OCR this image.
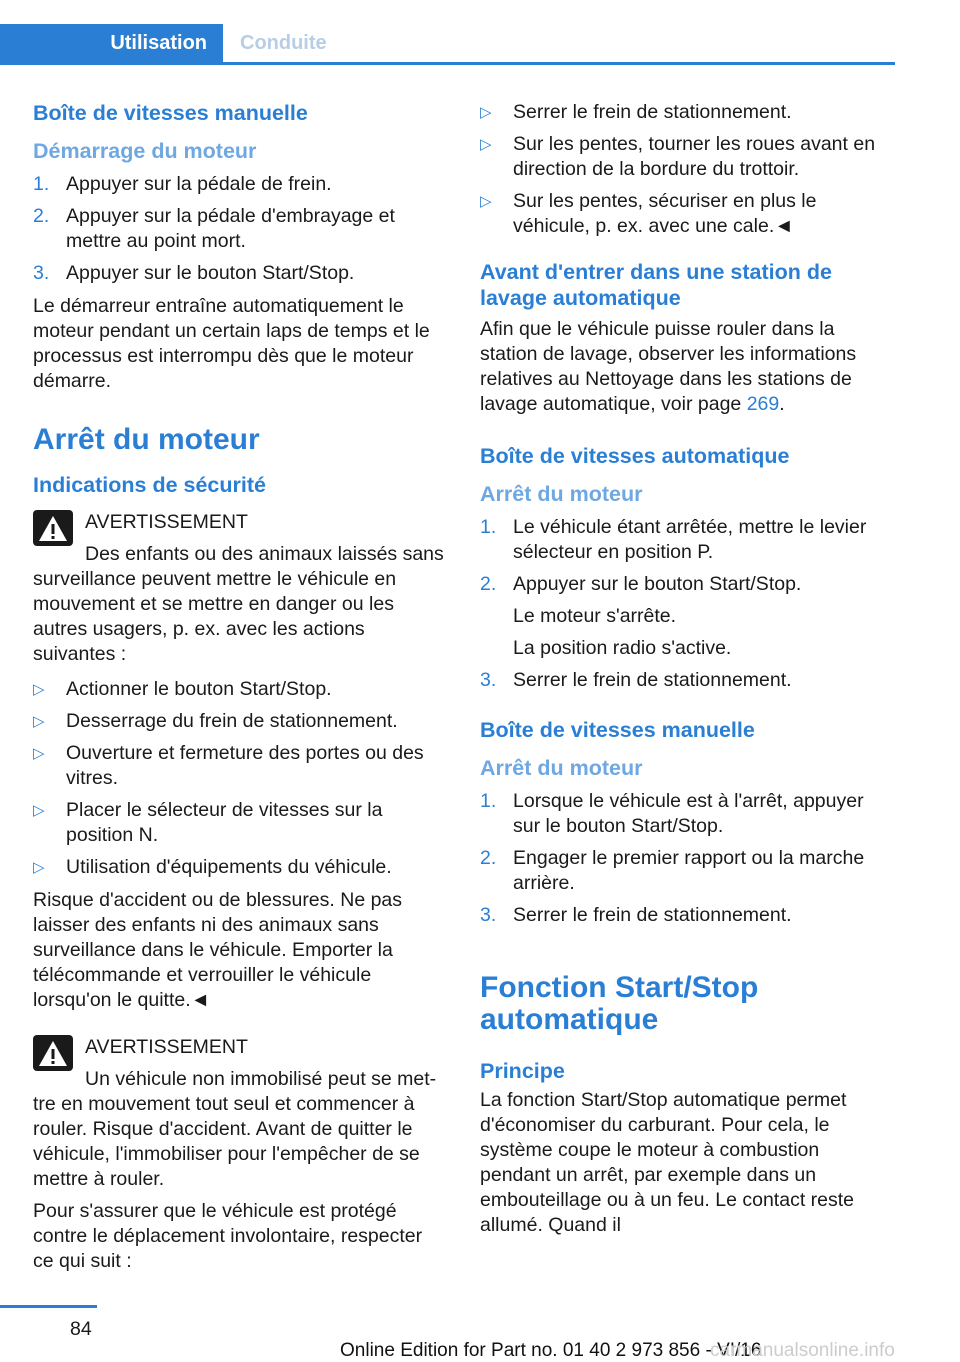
Utilisation	Conduite
Boîte de vitesses manuelle
Démarrage du moteur
1. Appuyer sur la pédale de frein.
2. Appuyer sur la pédale d'embrayage et mettre au point mort.
3. Appuyer sur le bouton Start/Stop.
Le démarreur entraîne automatiquement le moteur pendant un certain laps de temps et le processus est interrompu dès que le moteur démarre.
Arrêt du moteur
Indications de sécurité
AVERTISSEMENT
Des enfants ou des animaux laissés sans
surveillance peuvent mettre le véhicule en mouvement et se mettre en danger ou les autres usagers, p. ex. avec les actions suivantes :
▷ Actionner le bouton Start/Stop.
▷ Desserrage du frein de stationnement.
▷ Ouverture et fermeture des portes ou des vitres.
▷ Placer le sélecteur de vitesses sur la position N.
▷ Utilisation d'équipements du véhicule.
Risque d'accident ou de blessures. Ne pas laisser des enfants ni des animaux sans surveillance dans le véhicule. Emporter la télécommande et verrouiller le véhicule lorsqu'on le quitte.◄
AVERTISSEMENT
Un véhicule non immobilisé peut se met-
tre en mouvement tout seul et commencer à rouler. Risque d'accident. Avant de quitter le véhicule, l'immobiliser pour l'empêcher de se mettre à rouler.
Pour s'assurer que le véhicule est protégé contre le déplacement involontaire, respecter ce qui suit :
▷ Serrer le frein de stationnement.
▷ Sur les pentes, tourner les roues avant en direction de la bordure du trottoir.
▷ Sur les pentes, sécuriser en plus le véhicule, p. ex. avec une cale.◄
Avant d'entrer dans une station de lavage automatique
Afin que le véhicule puisse rouler dans la station de lavage, observer les informations relatives au Nettoyage dans les stations de lavage automatique, voir page 269.
Boîte de vitesses automatique
Arrêt du moteur
1. Le véhicule étant arrêtée, mettre le levier sélecteur en position P.
2. Appuyer sur le bouton Start/Stop.
Le moteur s'arrête.
La position radio s'active.
3. Serrer le frein de stationnement.
Boîte de vitesses manuelle
Arrêt du moteur
1. Lorsque le véhicule est à l'arrêt, appuyer sur le bouton Start/Stop.
2. Engager le premier rapport ou la marche arrière.
3. Serrer le frein de stationnement.
Fonction Start/Stop automatique
Principe
La fonction Start/Stop automatique permet d'économiser du carburant. Pour cela, le système coupe le moteur à combustion pendant un arrêt, par exemple dans un embouteillage ou à un feu. Le contact reste allumé. Quand il
84
Online Edition for Part no. 01 40 2 973 856 - VI/16
carmanualsonline.info
